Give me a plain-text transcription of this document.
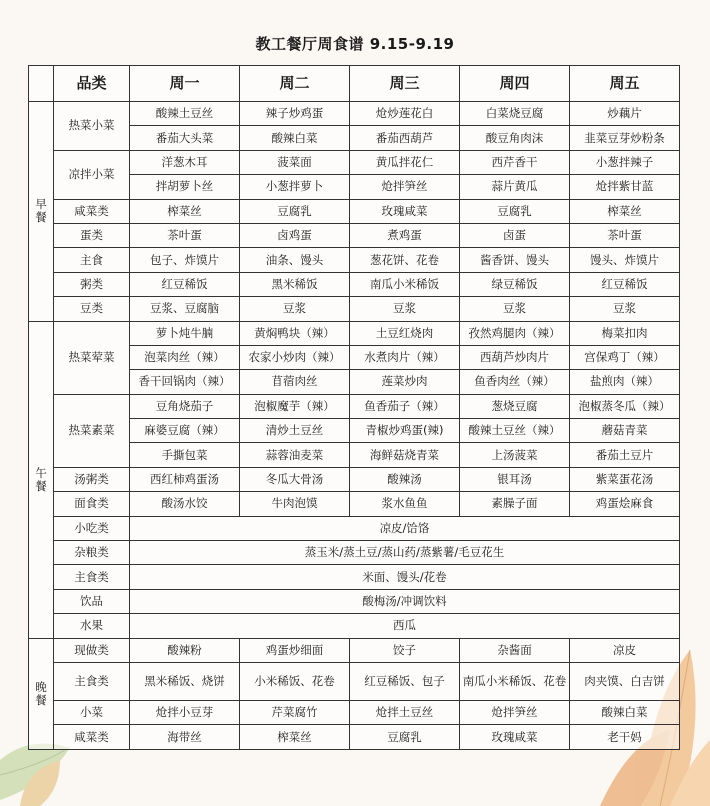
教工餐厅周食谱 9.15-9.19
	品类	周一	周二	周三	周四	周五

早
餐	热菜小菜	酸辣土豆丝	辣子炒鸡蛋	炝炒莲花白	白菜烧豆腐	炒藕片
		番茄大头菜	酸辣白菜	番茄西葫芦	酸豆角肉沫	韭菜豆芽炒粉条
	凉拌小菜	洋葱木耳	菠菜面	黄瓜拌花仁	西芹香干	小葱拌辣子
		拌胡萝卜丝	小葱拌萝卜	炝拌笋丝	蒜片黄瓜	炝拌紫甘蓝
	咸菜类	榨菜丝	豆腐乳	玫瑰咸菜	豆腐乳	榨菜丝
	蛋类	茶叶蛋	卤鸡蛋	煮鸡蛋	卤蛋	茶叶蛋
	主食	包子、炸馍片	油条、馒头	葱花饼、花卷	酱香饼、馒头	馒头、炸馍片
	粥类	红豆稀饭	黑米稀饭	南瓜小米稀饭	绿豆稀饭	红豆稀饭
	豆类	豆浆、豆腐脑	豆浆	豆浆	豆浆	豆浆

午
餐	热菜荤菜	萝卜炖牛腩	黄焖鸭块（辣）	土豆红烧肉	孜然鸡腿肉（辣）	梅菜扣肉
		泡菜肉丝（辣）	农家小炒肉（辣）	水煮肉片（辣）	西葫芦炒肉片	宫保鸡丁（辣）
		香干回锅肉（辣）	苜蓿肉丝	莲菜炒肉	鱼香肉丝（辣）	盐煎肉（辣）
	热菜素菜	豆角烧茄子	泡椒魔芋（辣）	鱼香茄子（辣）	葱烧豆腐	泡椒蒸冬瓜（辣）
		麻婆豆腐（辣）	清炒土豆丝	青椒炒鸡蛋(辣)	酸辣土豆丝（辣）	蘑菇青菜
		手撕包菜	蒜蓉油麦菜	海鲜菇烧青菜	上汤菠菜	番茄土豆片
	汤粥类	西红柿鸡蛋汤	冬瓜大骨汤	酸辣汤	银耳汤	紫菜蛋花汤
	面食类	酸汤水饺	牛肉泡馍	浆水鱼鱼	素臊子面	鸡蛋烩麻食
	小吃类	凉皮/饸饹				
	杂粮类	蒸玉米/蒸土豆/蒸山药/蒸紫薯/毛豆花生				
	主食类	米面、馒头/花卷				
	饮品	酸梅汤/冲调饮料				
	水果	西瓜				

晚
餐	现做类	酸辣粉	鸡蛋炒细面	饺子	杂酱面	凉皮
	主食类	黑米稀饭、烧饼	小米稀饭、花卷	红豆稀饭、包子	南瓜小米稀饭、花卷	肉夹馍、白吉饼
	小菜	炝拌小豆芽	芹菜腐竹	炝拌土豆丝	炝拌笋丝	酸辣白菜
	咸菜类	海带丝	榨菜丝	豆腐乳	玫瑰咸菜	老干妈
